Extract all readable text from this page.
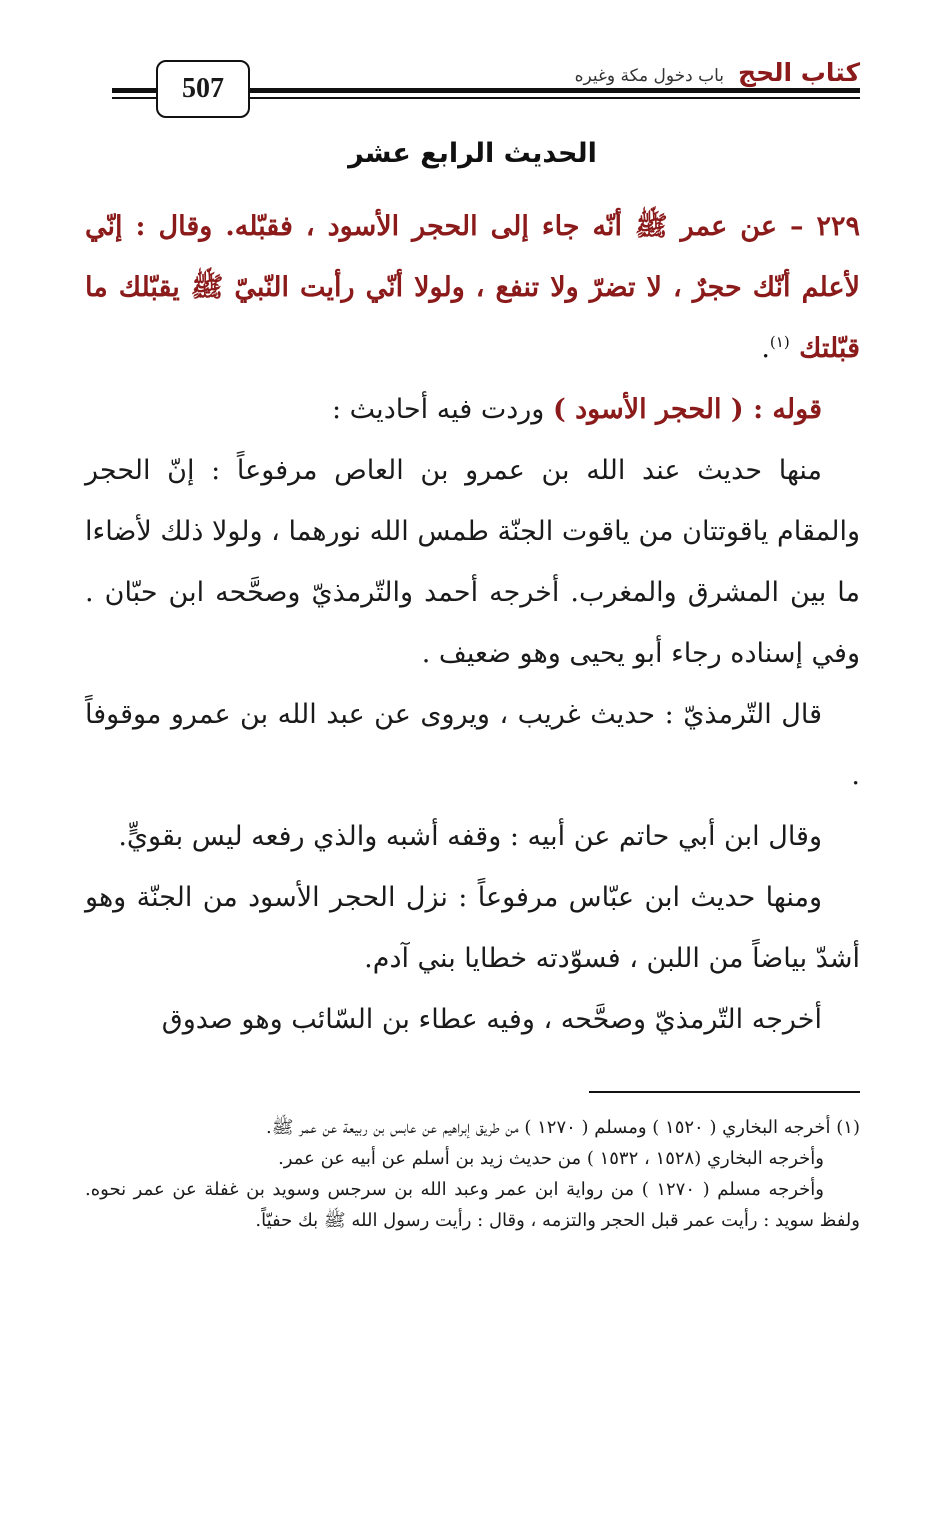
كتاب الحج
باب دخول مكة وغيره
507
الحديث الرابع عشر

٢٢٩ – عن عمر ﷺ أنّه جاء إلى الحجر الأسود ، فقبّله. وقال : إنّي لأعلم أنّك حجرٌ ، لا تضرّ ولا تنفع ، ولولا أنّي رأيت النّبيّ ﷺ يقبّلك ما قبّلتك $^{(١)}$.

قوله : ( الحجر الأسود ) وردت فيه أحاديث :

منها حديث عند الله بن عمرو بن العاص مرفوعاً : إنّ الحجر والمقام ياقوتتان من ياقوت الجنّة طمس الله نورهما ، ولولا ذلك لأضاءا ما بين المشرق والمغرب. أخرجه أحمد والتّرمذيّ وصحَّحه ابن حبّان . وفي إسناده رجاء أبو يحيى وهو ضعيف .

قال التّرمذيّ : حديث غريب ، ويروى عن عبد الله بن عمرو موقوفاً .

وقال ابن أبي حاتم عن أبيه : وقفه أشبه والذي رفعه ليس بقويٍّ.

ومنها حديث ابن عبّاس مرفوعاً : نزل الحجر الأسود من الجنّة وهو أشدّ بياضاً من اللبن ، فسوّدته خطايا بني آدم.

أخرجه التّرمذيّ وصحَّحه ، وفيه عطاء بن السّائب وهو صدوق

(١) أخرجه البخاري ( ١٥٢٠ ) ومسلم ( ١٢٧٠ ) من طريق إبراهيم عن عابس بن ربيعة عن عمر ﷺ.

وأخرجه البخاري (١٥٢٨ ، ١٥٣٢ ) من حديث زيد بن أسلم عن أبيه عن عمر.

وأخرجه مسلم ( ١٢٧٠ ) من رواية ابن عمر وعبد الله بن سرجس وسويد بن غفلة عن عمر نحوه. ولفظ سويد : رأيت عمر قبل الحجر والتزمه ، وقال : رأيت رسول الله ﷺ بك حفيّاً.
